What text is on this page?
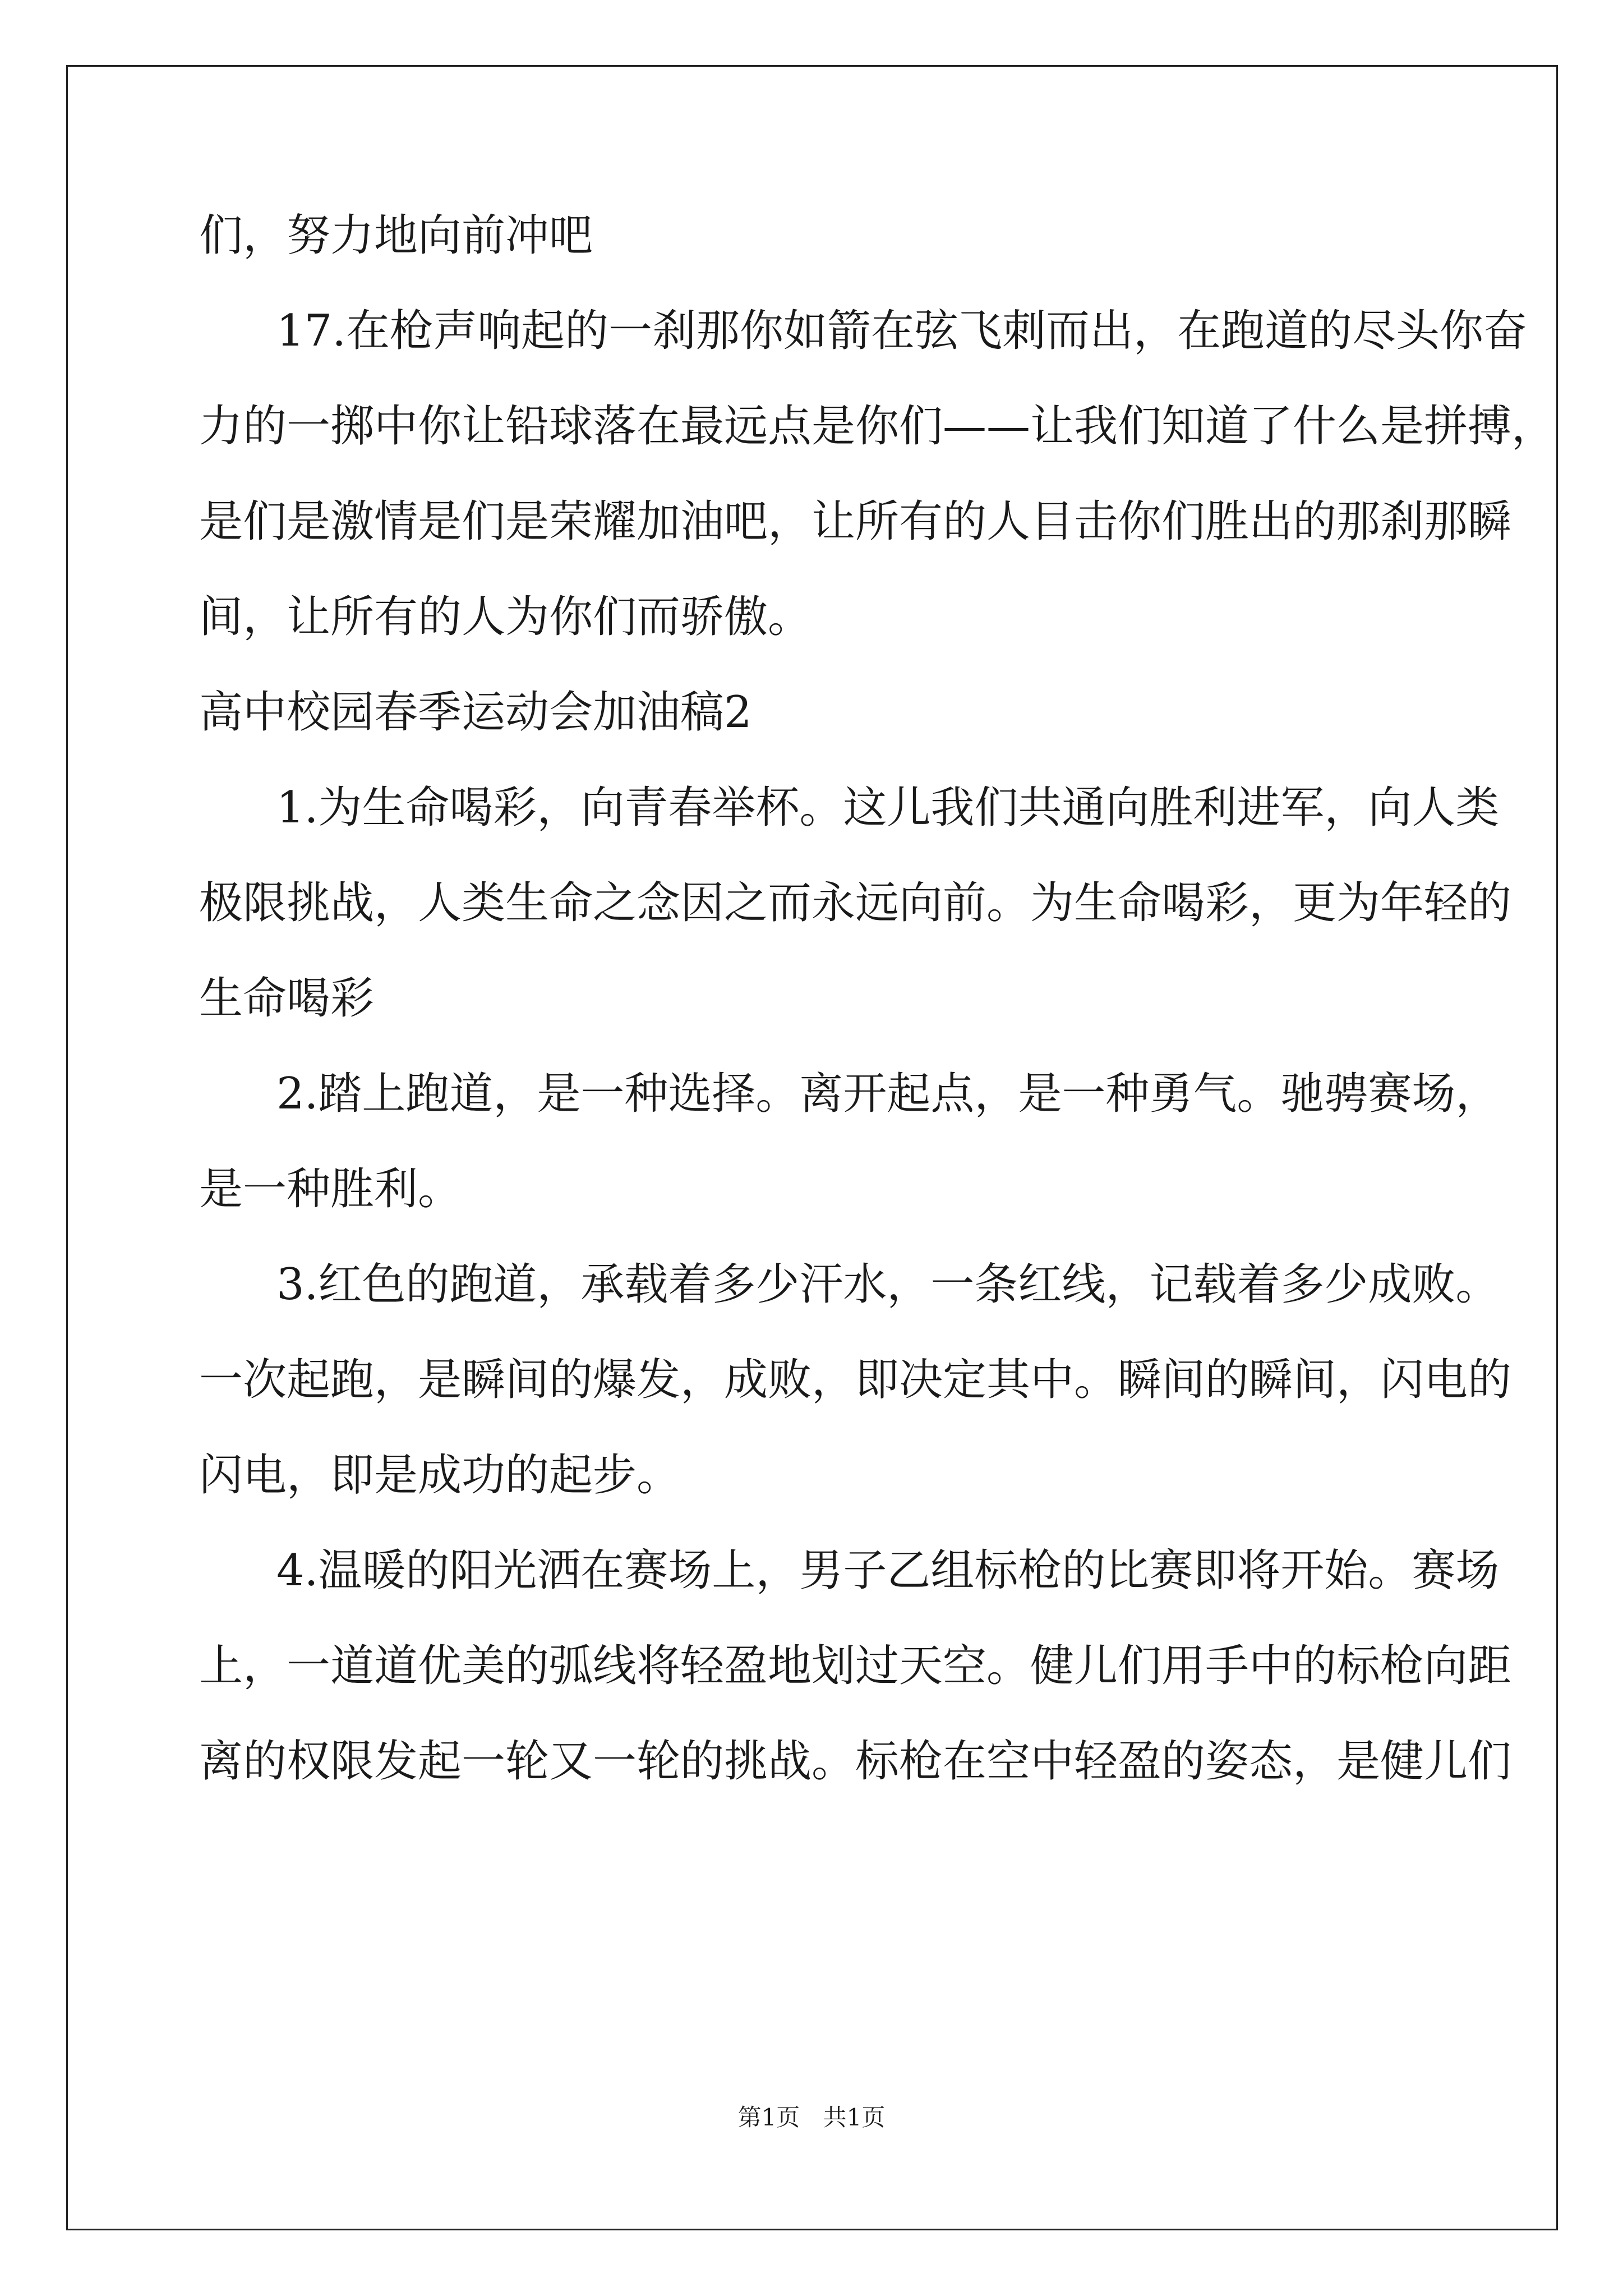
们，努力地向前冲吧
17.在枪声响起的一刹那你如箭在弦飞刺而出，在跑道的尽头你奋
力的一掷中你让铅球落在最远点是你们——让我们知道了什么是拼搏，
是们是激情是们是荣耀加油吧，让所有的人目击你们胜出的那刹那瞬
间，让所有的人为你们而骄傲。
高中校园春季运动会加油稿2
1.为生命喝彩，向青春举杯。这儿我们共通向胜利进军，向人类
极限挑战，人类生命之念因之而永远向前。为生命喝彩，更为年轻的
生命喝彩
2.踏上跑道，是一种选择。离开起点，是一种勇气。驰骋赛场，
是一种胜利。
3.红色的跑道，承载着多少汗水，一条红线，记载着多少成败。
一次起跑，是瞬间的爆发，成败，即决定其中。瞬间的瞬间，闪电的
闪电，即是成功的起步。
4.温暖的阳光洒在赛场上，男子乙组标枪的比赛即将开始。赛场
上，一道道优美的弧线将轻盈地划过天空。健儿们用手中的标枪向距
离的权限发起一轮又一轮的挑战。标枪在空中轻盈的姿态，是健儿们
第1页 共1页
